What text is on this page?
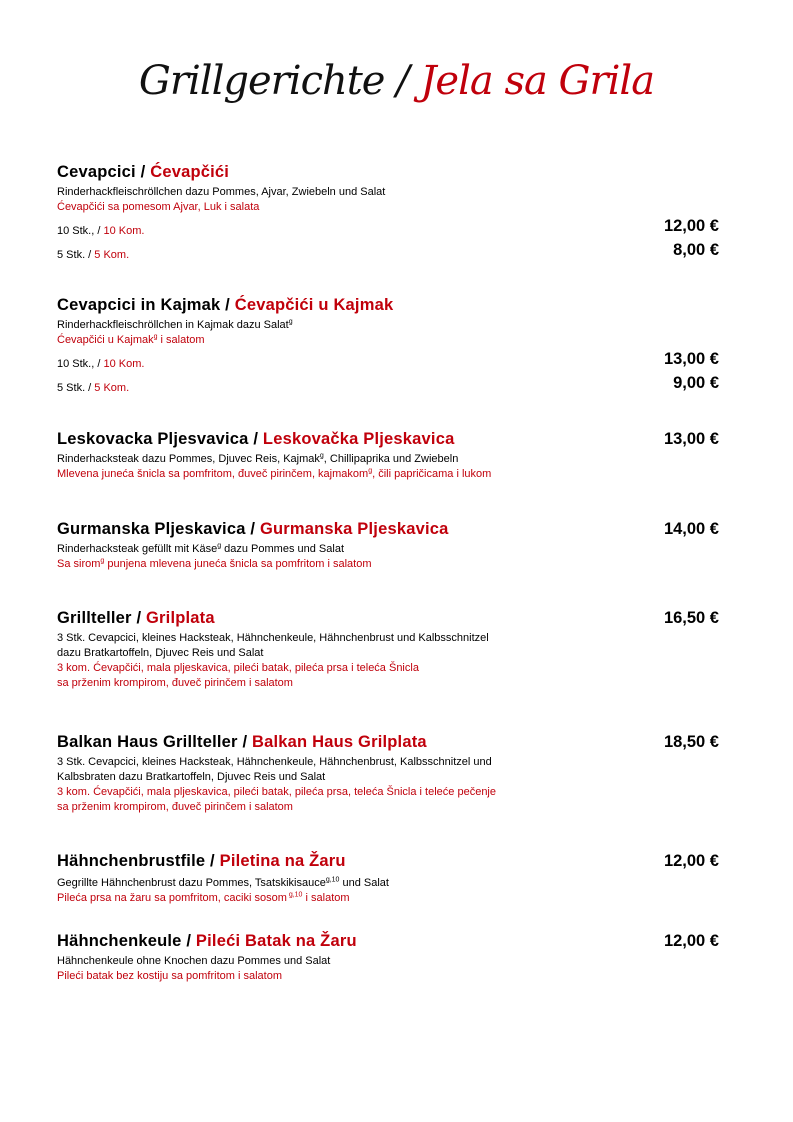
Grillgerichte / Jela sa Grila
Cevapcici / Ćevapčići
Rinderhackfleischröllchen dazu Pommes, Ajvar, Zwiebeln und Salat
Ćevapčići sa pomesom Ajvar, Luk i salata
10 Stk., / 10 Kom.	12,00 €
5 Stk. / 5 Kom.	8,00 €
Cevapcici in Kajmak / Ćevapčići u Kajmak
Rinderhackfleischröllchen in Kajmak dazu Salat$^g$
Ćevapčići u Kajmak$^g$ i salatom
10 Stk., / 10 Kom.	13,00 €
5 Stk. / 5 Kom.	9,00 €
Leskovacka Pljesvavica / Leskovačka Pljeskavica	13,00 €
Rinderhacksteak dazu Pommes, Djuvec Reis, Kajmak$^g$, Chillipaprika und Zwiebeln
Mlevena juneća šnicla sa pomfritom, đuveč pirinčem, kajmakom$^g$, čili papričicama i lukom
Gurmanska Pljeskavica / Gurmanska Pljeskavica	14,00 €
Rinderhacksteak gefüllt mit Käse$^g$ dazu Pommes und Salat
Sa sirom$^g$ punjena mlevena juneća šnicla sa pomfritom i salatom
Grillteller / Grilplata	16,50 €
3 Stk. Cevapcici, kleines Hacksteak, Hähnchenkeule, Hähnchenbrust und Kalbsschnitzel
dazu Bratkartoffeln, Djuvec Reis und Salat
3 kom. Ćevapčići, mala pljeskavica, pileći batak, pileća prsa i teleća Šnicla
sa prženim krompirom, đuveč pirinčem i salatom
Balkan Haus Grillteller / Balkan Haus Grilplata	18,50 €
3 Stk. Cevapcici, kleines Hacksteak, Hähnchenkeule, Hähnchenbrust, Kalbsschnitzel und
Kalbsbraten dazu Bratkartoffeln, Djuvec Reis und Salat
3 kom. Ćevapčići, mala pljeskavica, pileći batak, pileća prsa, teleća Šnicla i teleće pečenje
sa prženim krompirom, đuveč pirinčem i salatom
Hähnchenbrustfile / Piletina na Žaru	12,00 €
Gegrillte Hähnchenbrust dazu Pommes, Tsatskikisauce$^{g,10}$ und Salat
Pileća prsa na žaru sa pomfritom, caciki sosom $^{g,10}$ i salatom
Hähnchenkeule / Pileći Batak na Žaru	12,00 €
Hähnchenkeule ohne Knochen dazu Pommes und Salat
Pileći batak bez kostiju sa pomfritom i salatom
